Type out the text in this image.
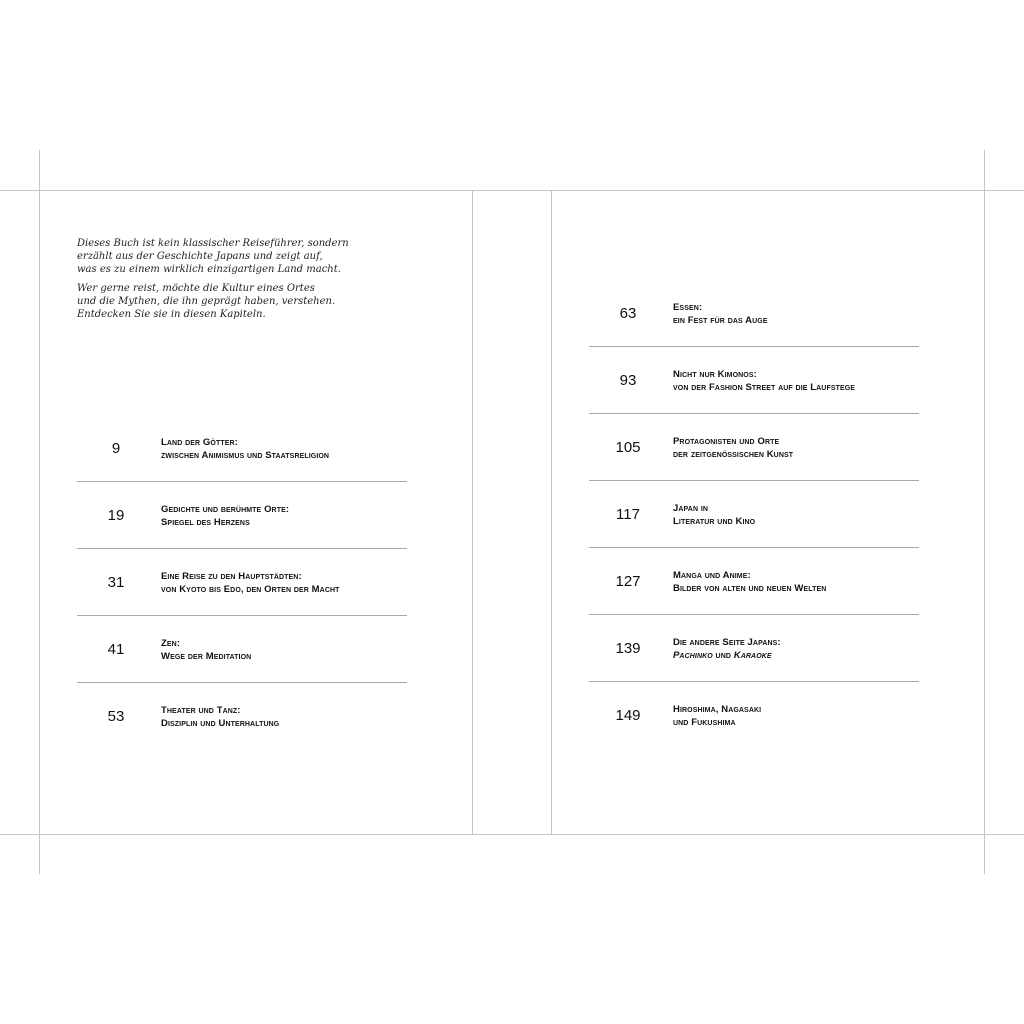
Dieses Buch ist kein klassischer Reiseführer, sondern
erzählt aus der Geschichte Japans und zeigt auf,
was es zu einem wirklich einzigartigen Land macht.

Wer gerne reist, möchte die Kultur eines Ortes
und die Mythen, die ihn geprägt haben, verstehen.
Entdecken Sie sie in diesen Kapiteln.

9	Land der Götter:
zwischen Animismus und Staatsreligion
19	Gedichte und berühmte Orte:
Spiegel des Herzens
31	Eine Reise zu den Hauptstädten:
von Kyoto bis Edo, den Orten der Macht
41	Zen:
Wege der Meditation
53	Theater und Tanz:
Disziplin und Unterhaltung
63	Essen:
ein Fest für das Auge
93	Nicht nur Kimonos:
von der Fashion Street auf die Laufstege
105	Protagonisten und Orte
der zeitgenössischen Kunst
117	Japan in
Literatur und Kino
127	Manga und Anime:
Bilder von alten und neuen Welten
139	Die andere Seite Japans:
Pachinko und Karaoke
149	Hiroshima, Nagasaki
und Fukushima
